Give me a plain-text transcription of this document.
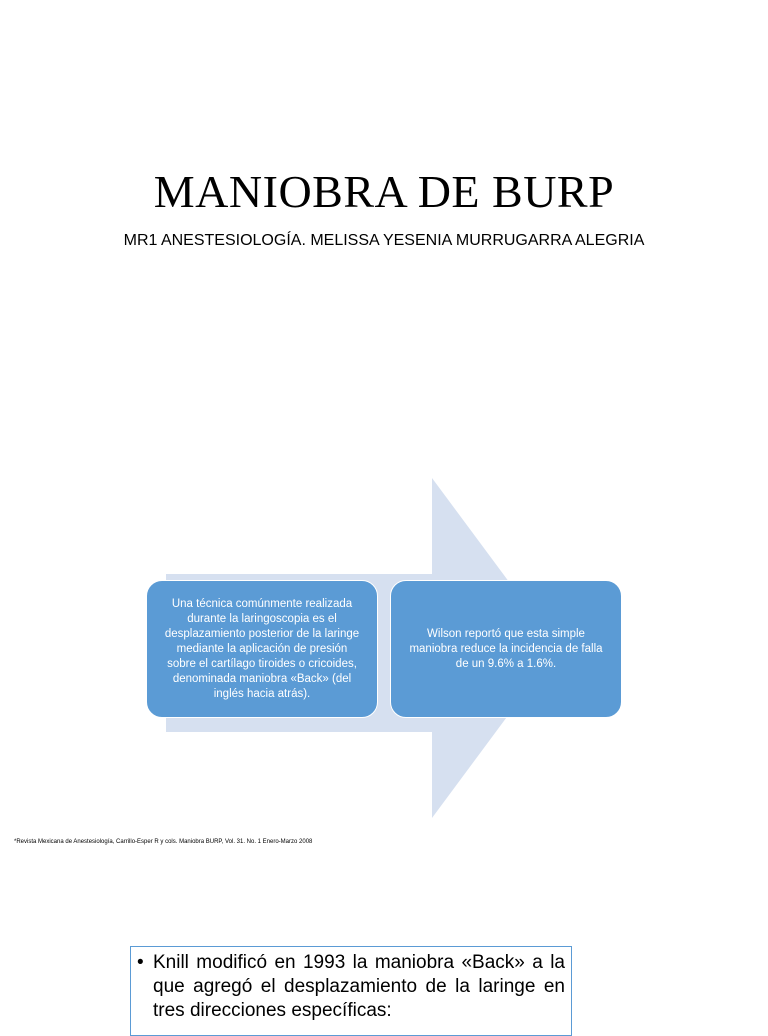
MANIOBRA DE BURP
MR1 ANESTESIOLOGÍA. MELISSA YESENIA MURRUGARRA ALEGRIA
Una técnica comúnmente realizada durante la laringoscopia es el desplazamiento posterior de la laringe mediante la aplicación de presión sobre el cartílago tiroides o cricoides, denominada maniobra «Back» (del inglés hacia atrás).
Wilson reportó que esta simple maniobra reduce la incidencia de falla de un 9.6% a 1.6%.
*Revista Mexicana de Anestesiología, Carrillo-Esper R y cols. Maniobra BURP, Vol. 31. No. 1 Enero-Marzo 2008
• Knill modificó en 1993 la maniobra «Back» a la que agregó el desplazamiento de la laringe en tres direcciones específicas:
